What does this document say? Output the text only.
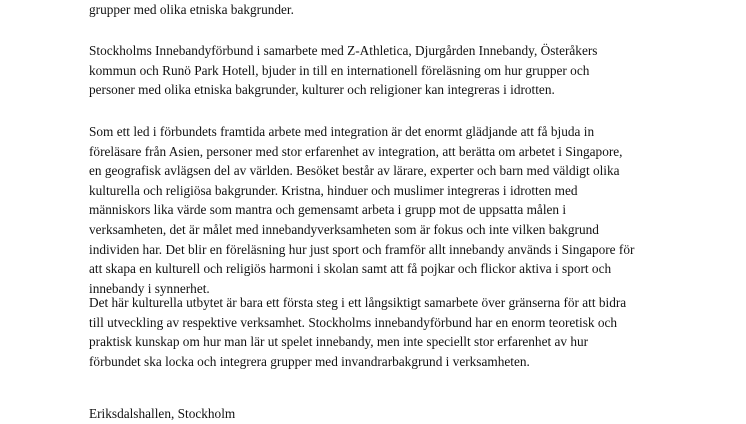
grupper med olika etniska bakgrunder.

Stockholms Innebandyförbund i samarbete med Z-Athletica, Djurgården Innebandy, Österåkers
kommun och Runö Park Hotell, bjuder in till en internationell föreläsning om hur grupper och
personer med olika etniska bakgrunder, kulturer och religioner kan integreras i idrotten.

Som ett led i förbundets framtida arbete med integration är det enormt glädjande att få bjuda in
föreläsare från Asien, personer med stor erfarenhet av integration, att berätta om arbetet i Singapore,
en geografisk avlägsen del av världen. Besöket består av lärare, experter och barn med väldigt olika
kulturella och religiösa bakgrunder. Kristna, hinduer och muslimer integreras i idrotten med
människors lika värde som mantra och gemensamt arbeta i grupp mot de uppsatta målen i
verksamheten, det är målet med innebandyverksamheten som är fokus och inte vilken bakgrund
individen har. Det blir en föreläsning hur just sport och framför allt innebandy används i Singapore för
att skapa en kulturell och religiös harmoni i skolan samt att få pojkar och flickor aktiva i sport och
innebandy i synnerhet.

Det här kulturella utbytet är bara ett första steg i ett långsiktigt samarbete över gränserna för att bidra
till utveckling av respektive verksamhet. Stockholms innebandyförbund har en enorm teoretisk och
praktisk kunskap om hur man lär ut spelet innebandy, men inte speciellt stor erfarenhet av hur
förbundet ska locka och integrera grupper med invandrarbakgrund i verksamheten.

Eriksdalshallen, Stockholm
